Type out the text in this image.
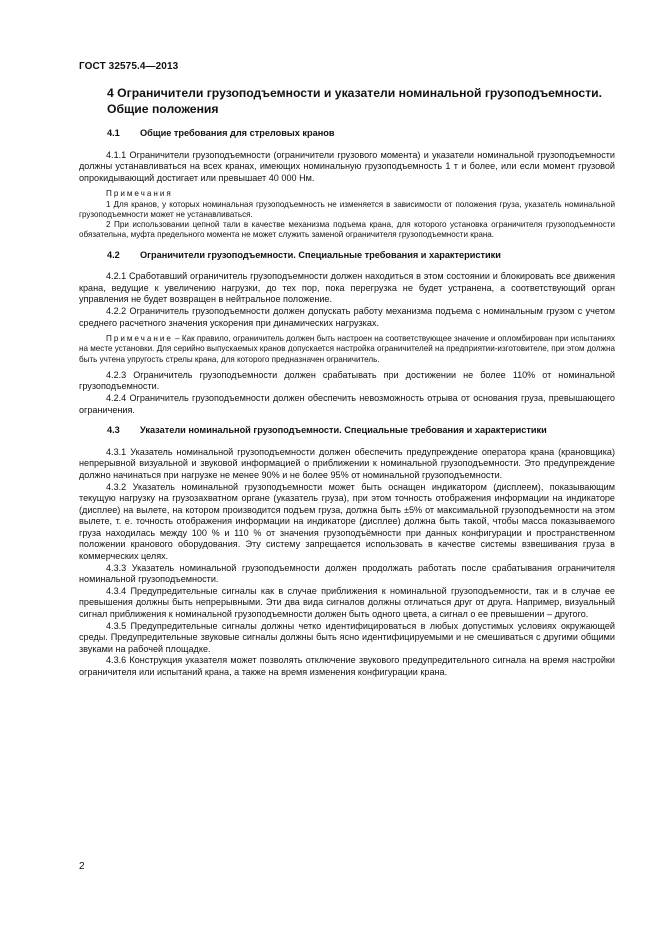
ГОСТ 32575.4—2013

4 Ограничители грузоподъемности и указатели номинальной грузоподъемности. Общие положения

4.1	Общие требования для стреловых кранов

4.1.1 Ограничители грузоподъемности (ограничители грузового момента) и указатели номинальной грузоподъемности должны устанавливаться на всех кранах, имеющих номинальную грузоподъемность 1 т и более, или если момент грузовой опрокидывающий достигает или превышает 40 000 Нм.

Примечания

1 Для кранов, у которых номинальная грузоподъемность не изменяется в зависимости от положения груза, указатель номинальной грузоподъемности может не устанавливаться.

2 При использовании цепной тали в качестве механизма подъема крана, для которого установка ограничителя грузоподъемности обязательна, муфта предельного момента не может служить заменой ограничителя грузоподъемности крана.

4.2	Ограничители грузоподъемности. Специальные требования и характеристики

4.2.1 Сработавший ограничитель грузоподъемности должен находиться в этом состоянии и блокировать все движения крана, ведущие к увеличению нагрузки, до тех пор, пока перегрузка не будет устранена, а соответствующий орган управления не будет возвращен в нейтральное положение.

4.2.2 Ограничитель грузоподъемности должен допускать работу механизма подъема с номинальным грузом с учетом среднего расчетного значения ускорения при динамических нагрузках.

Примечание – Как правило, ограничитель должен быть настроен на соответствующее значение и опломбирован при испытаниях на месте установки. Для серийно выпускаемых кранов допускается настройка ограничителей на предприятии-изготовителе, при этом должна быть учтена упругость стрелы крана, для которого предназначен ограничитель.

4.2.3 Ограничитель грузоподъемности должен срабатывать при достижении не более 110% от номинальной грузоподъемности.

4.2.4 Ограничитель грузоподъемности должен обеспечить невозможность отрыва от основания груза, превышающего ограничения.

4.3	Указатели номинальной грузоподъемности. Специальные требования и характеристики

4.3.1 Указатель номинальной грузоподъемности должен обеспечить предупреждение оператора крана (крановщика) непрерывной визуальной и звуковой информацией о приближении к номинальной грузоподъемности. Это предупреждение должно начинаться при нагрузке не менее 90% и не более 95% от номинальной грузоподъемности.

4.3.2 Указатель номинальной грузоподъемности может быть оснащен индикатором (дисплеем), показывающим текущую нагрузку на грузозахватном органе (указатель груза), при этом точность отображения информации на индикаторе (дисплее) на вылете, на котором производится подъем груза, должна быть ±5% от максимальной грузоподъемности на этом вылете, т. е. точность отображения информации на индикаторе (дисплее) должна быть такой, чтобы масса показываемого груза находилась между 100 % и 110 % от значения грузоподъёмности при данных конфигурации и пространственном положении кранового оборудования. Эту систему запрещается использовать в качестве системы взвешивания груза в коммерческих целях.

4.3.3 Указатель номинальной грузоподъемности должен продолжать работать после срабатывания ограничителя номинальной грузоподъемности.

4.3.4 Предупредительные сигналы как в случае приближения к номинальной грузоподъемности, так и в случае ее превышения должны быть непрерывными. Эти два вида сигналов должны отличаться друг от друга. Например, визуальный сигнал приближения к номинальной грузоподъемности должен быть одного цвета, а сигнал о ее превышении – другого.

4.3.5 Предупредительные сигналы должны четко идентифицироваться в любых допустимых условиях окружающей среды. Предупредительные звуковые сигналы должны быть ясно идентифицируемыми и не смешиваться с другими общими звуками на рабочей площадке.

4.3.6 Конструкция указателя может позволять отключение звукового предупредительного сигнала на время настройки ограничителя или испытаний крана, а также на время изменения конфигурации крана.

2
